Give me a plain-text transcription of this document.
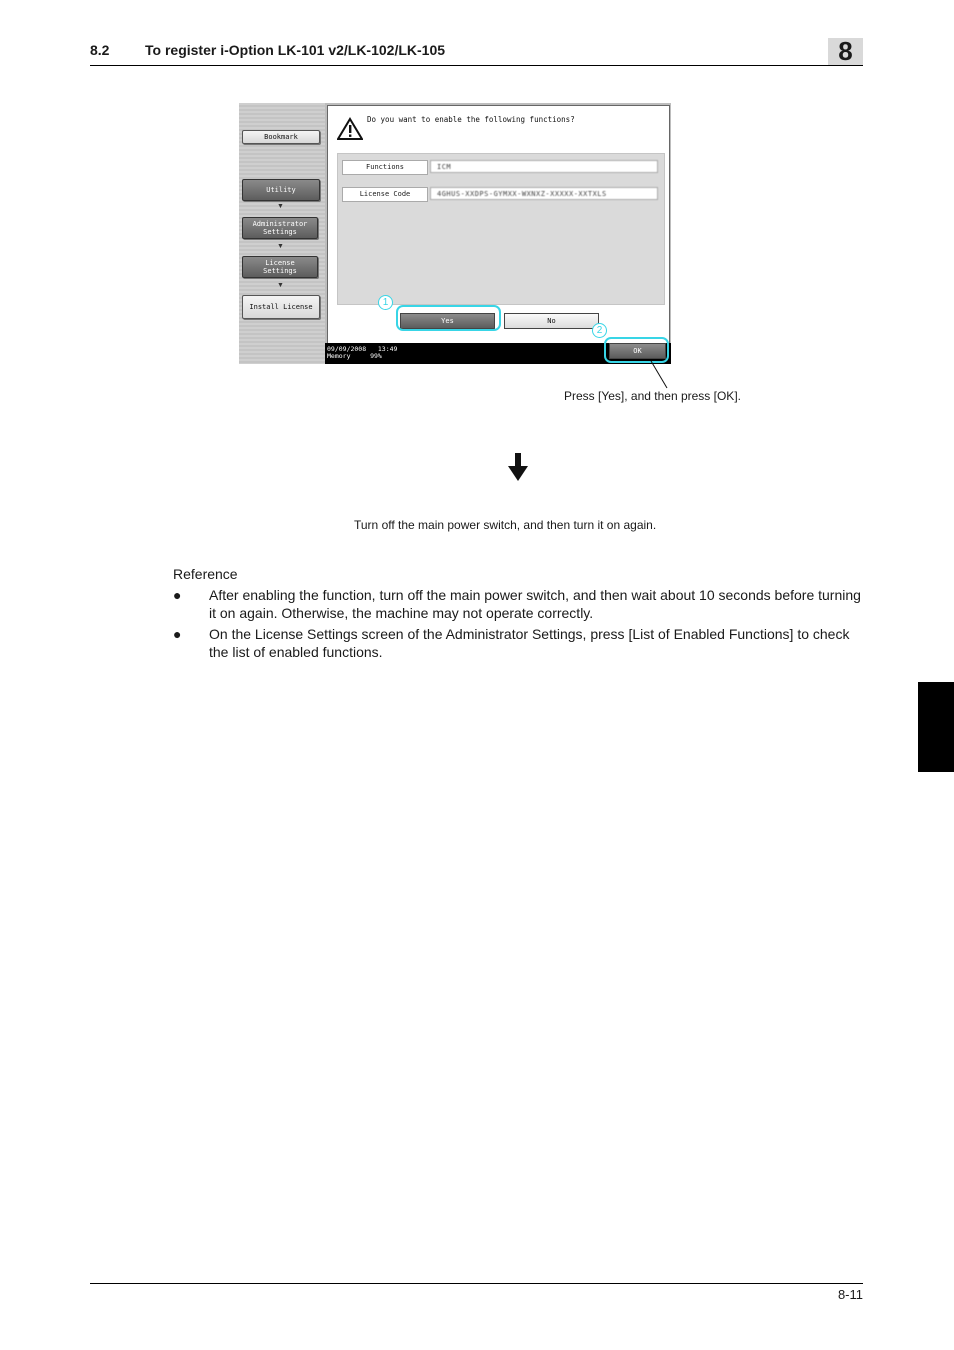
8.2	To register i-Option LK-101 v2/LK-102/LK-105	8
Bookmark
Utility
▼
Administrator
Settings
▼
License
Settings
▼
Install License
Do you want to enable the following functions?
Functions	ICM
License Code	4GHUS-XXDPS-GYMXX-WXNXZ-XXXXX-XXTXLS
Yes	No
09/09/2008 13:49
Memory	99%
OK
1
2
Press [Yes], and then press [OK].
Turn off the main power switch, and then turn it on again.
Reference
● After enabling the function, turn off the main power switch, and then wait about 10 seconds before turning it on again. Otherwise, the machine may not operate correctly.
● On the License Settings screen of the Administrator Settings, press [List of Enabled Functions] to check the list of enabled functions.
8-11
